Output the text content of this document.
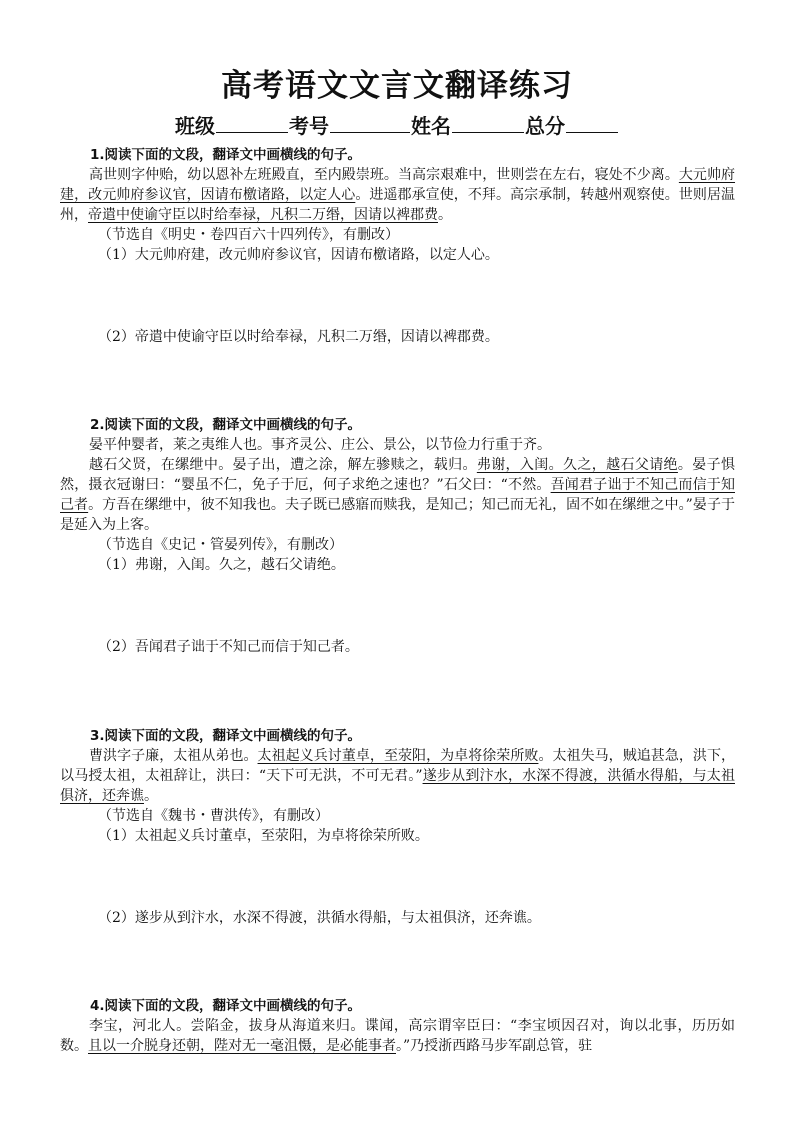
高考语文文言文翻译练习
班级	考号	姓名	总分
1.阅读下面的文段，翻译文中画横线的句子。
高世则字仲贻，幼以恩补左班殿直，至内殿崇班。当高宗艰难中，世则尝在左右，寝处不少离。大元帅府建，改元帅府参议官，因请布檄诸路，以定人心。进遥郡承宣使，不拜。高宗承制，转越州观察使。世则居温州，帝遣中使谕守臣以时给奉禄，凡积二万缗，因请以裨郡费。
（节选自《明史・卷四百六十四列传》，有删改）
（1）大元帅府建，改元帅府参议官，因请布檄诸路，以定人心。
（2）帝遣中使谕守臣以时给奉禄，凡积二万缗，因请以裨郡费。
2.阅读下面的文段，翻译文中画横线的句子。
晏平仲婴者，莱之夷维人也。事齐灵公、庄公、景公，以节俭力行重于齐。
越石父贤，在缧绁中。晏子出，遭之涂，解左骖赎之，载归。弗谢，入闺。久之，越石父请绝。晏子惧然，摄衣冠谢曰：“婴虽不仁，免子于厄，何子求绝之速也？”石父曰：“不然。吾闻君子诎于不知己而信于知己者。方吾在缧绁中，彼不知我也。夫子既已感寤而赎我，是知己；知己而无礼，固不如在缧绁之中。”晏子于是延入为上客。
（节选自《史记・管晏列传》，有删改）
（1）弗谢，入闺。久之，越石父请绝。
（2）吾闻君子诎于不知己而信于知己者。
3.阅读下面的文段，翻译文中画横线的句子。
曹洪字子廉，太祖从弟也。太祖起义兵讨董卓，至荥阳，为卓将徐荣所败。太祖失马，贼追甚急，洪下，以马授太祖，太祖辞让，洪曰：“天下可无洪，不可无君。”遂步从到汴水，水深不得渡，洪循水得船，与太祖俱济，还奔谯。
（节选自《魏书・曹洪传》，有删改）
（1）太祖起义兵讨董卓，至荥阳，为卓将徐荣所败。
（2）遂步从到汴水，水深不得渡，洪循水得船，与太祖俱济，还奔谯。
4.阅读下面的文段，翻译文中画横线的句子。
李宝，河北人。尝陷金，拔身从海道来归。谍闻，高宗谓宰臣曰：“李宝顷因召对，询以北事，历历如数。且以一介脱身还朝，陛对无一毫沮慑，是必能事者。”乃授浙西路马步军副总管，驻
